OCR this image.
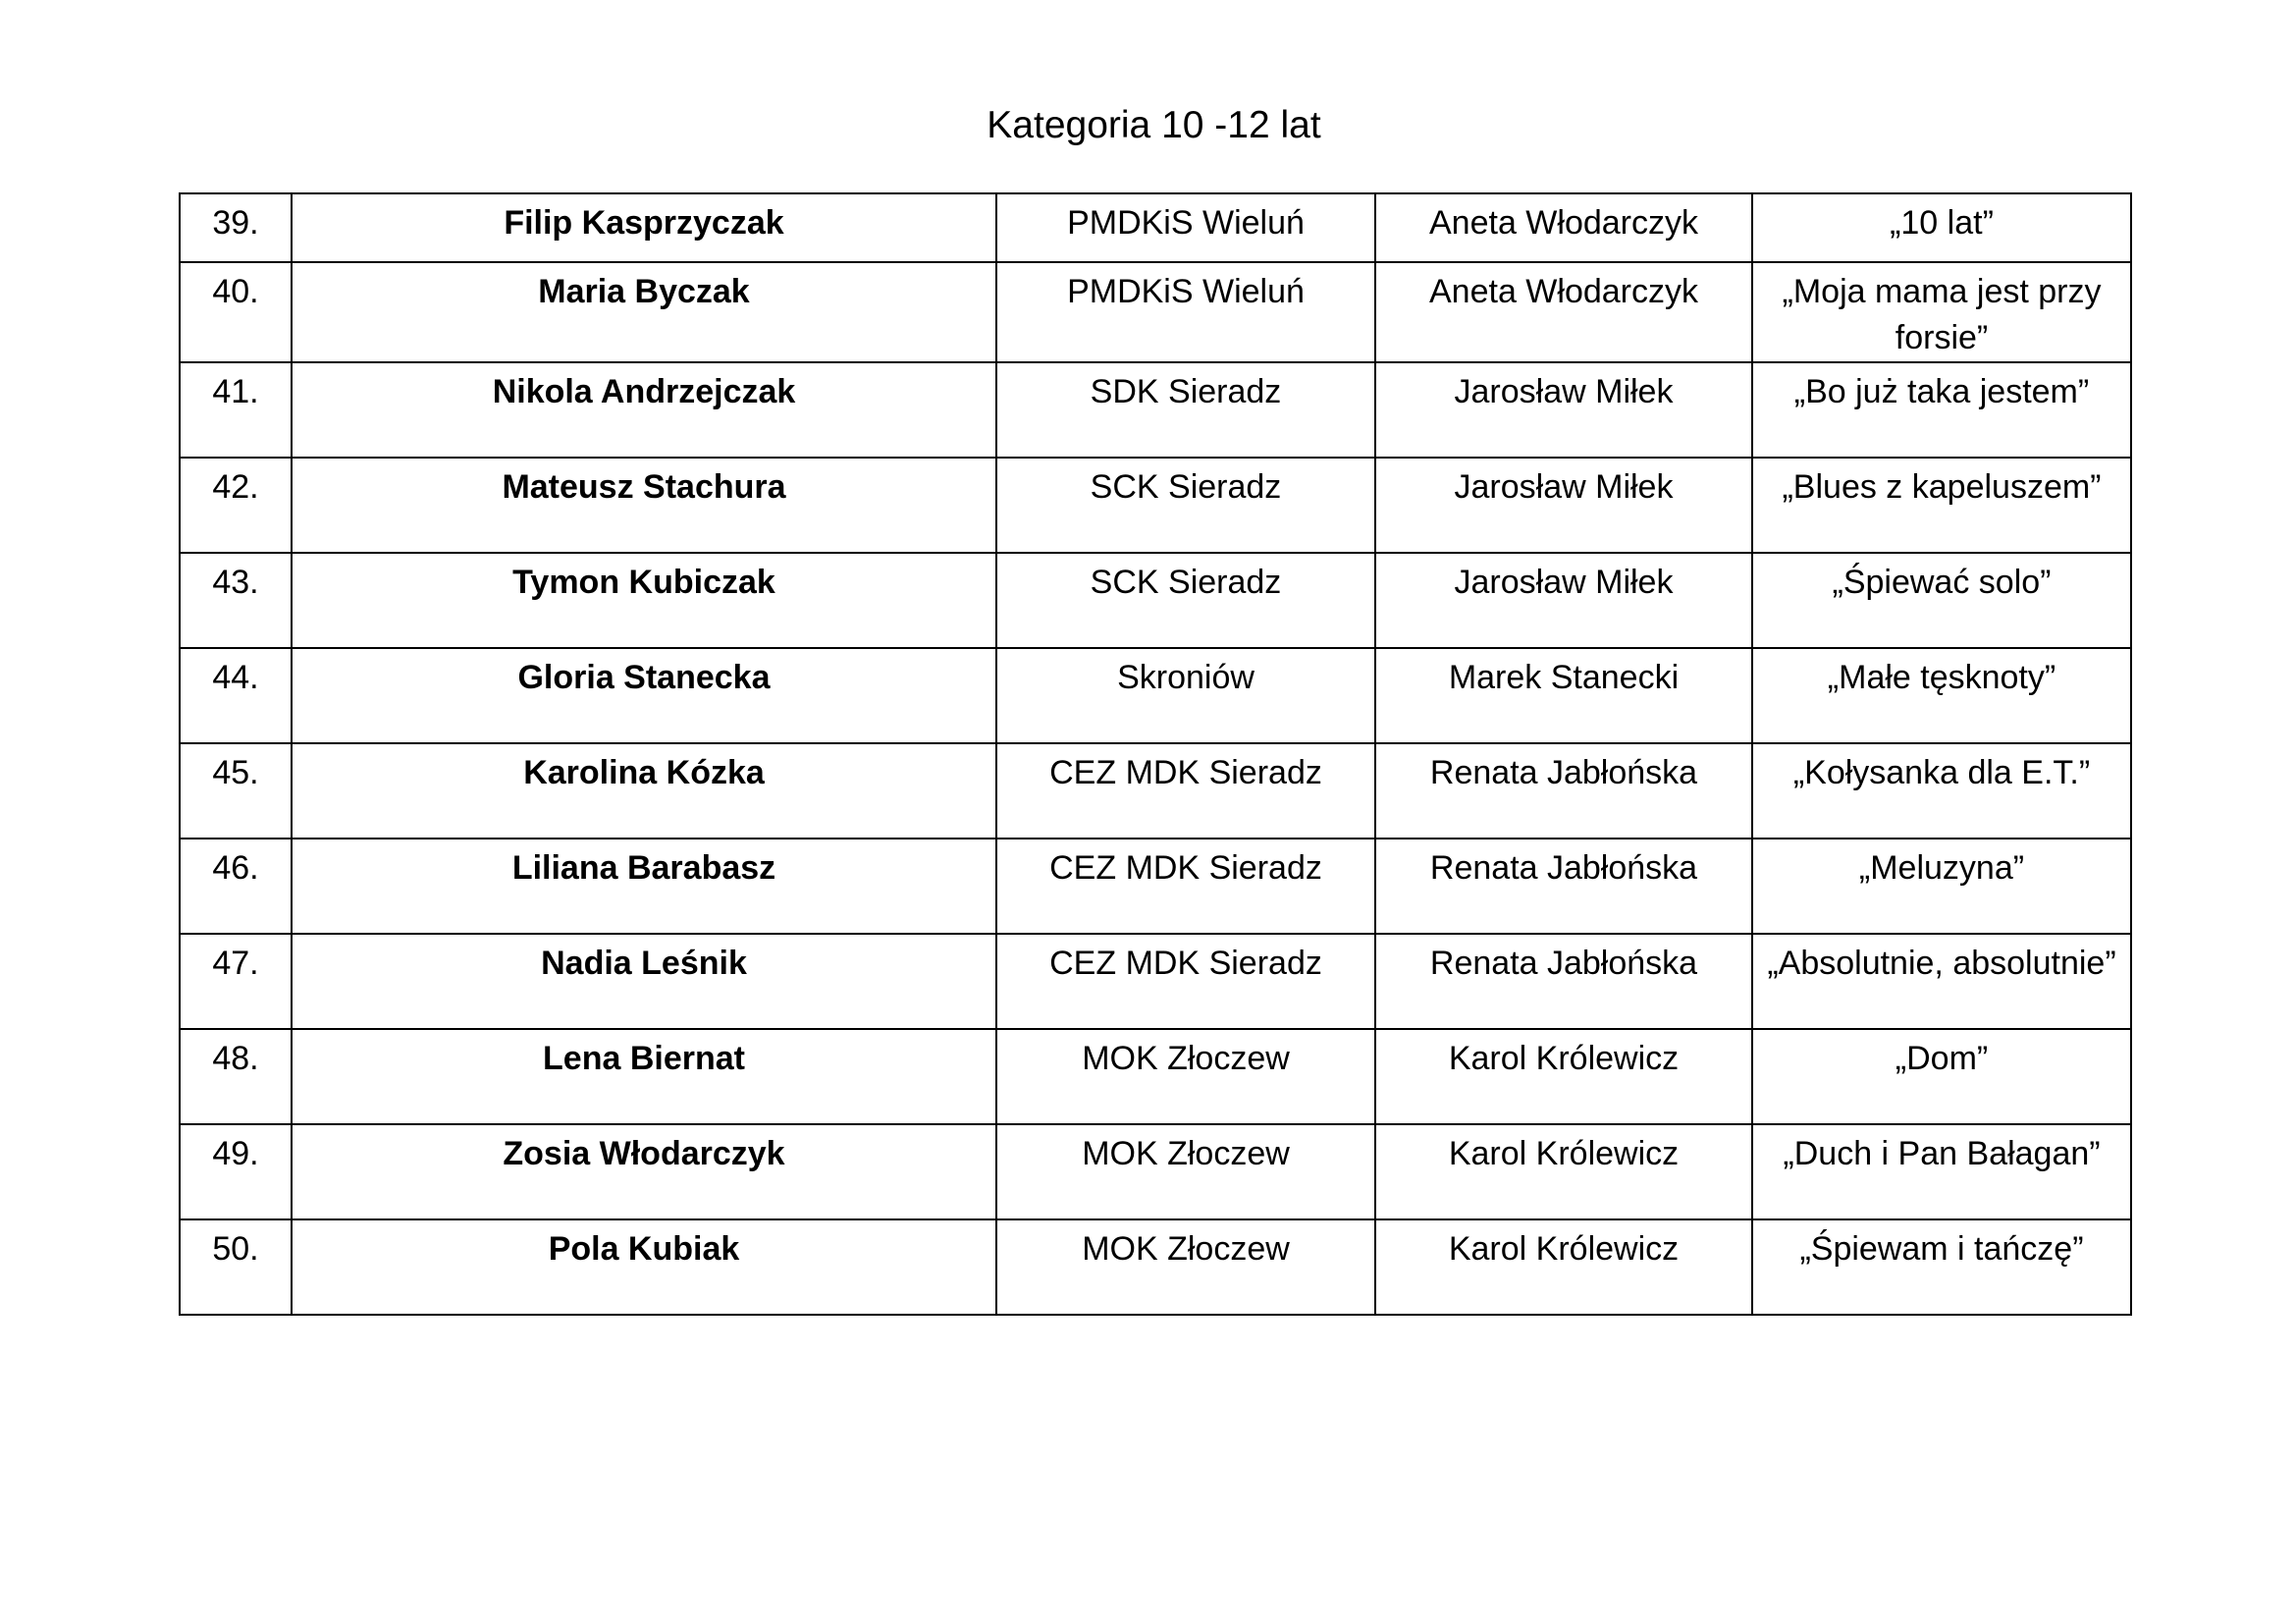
Kategoria 10 -12 lat
39.	Filip Kasprzyczak	PMDKiS Wieluń	Aneta Włodarczyk	„10 lat”
40.	Maria Byczak	PMDKiS Wieluń	Aneta Włodarczyk	„Moja mama jest przy forsie”
41.	Nikola Andrzejczak	SDK Sieradz	Jarosław Miłek	„Bo już taka jestem”
42.	Mateusz Stachura	SCK Sieradz	Jarosław Miłek	„Blues z kapeluszem”
43.	Tymon Kubiczak	SCK Sieradz	Jarosław Miłek	„Śpiewać solo”
44.	Gloria Stanecka	Skroniów	Marek Stanecki	„Małe tęsknoty”
45.	Karolina Kózka	CEZ MDK Sieradz	Renata Jabłońska	„Kołysanka dla E.T.”
46.	Liliana Barabasz	CEZ MDK Sieradz	Renata Jabłońska	„Meluzyna”
47.	Nadia Leśnik	CEZ MDK Sieradz	Renata Jabłońska	„Absolutnie, absolutnie”
48.	Lena Biernat	MOK Złoczew	Karol Królewicz	„Dom”
49.	Zosia Włodarczyk	MOK Złoczew	Karol Królewicz	„Duch i Pan Bałagan”
50.	Pola Kubiak	MOK Złoczew	Karol Królewicz	„Śpiewam i tańczę”
